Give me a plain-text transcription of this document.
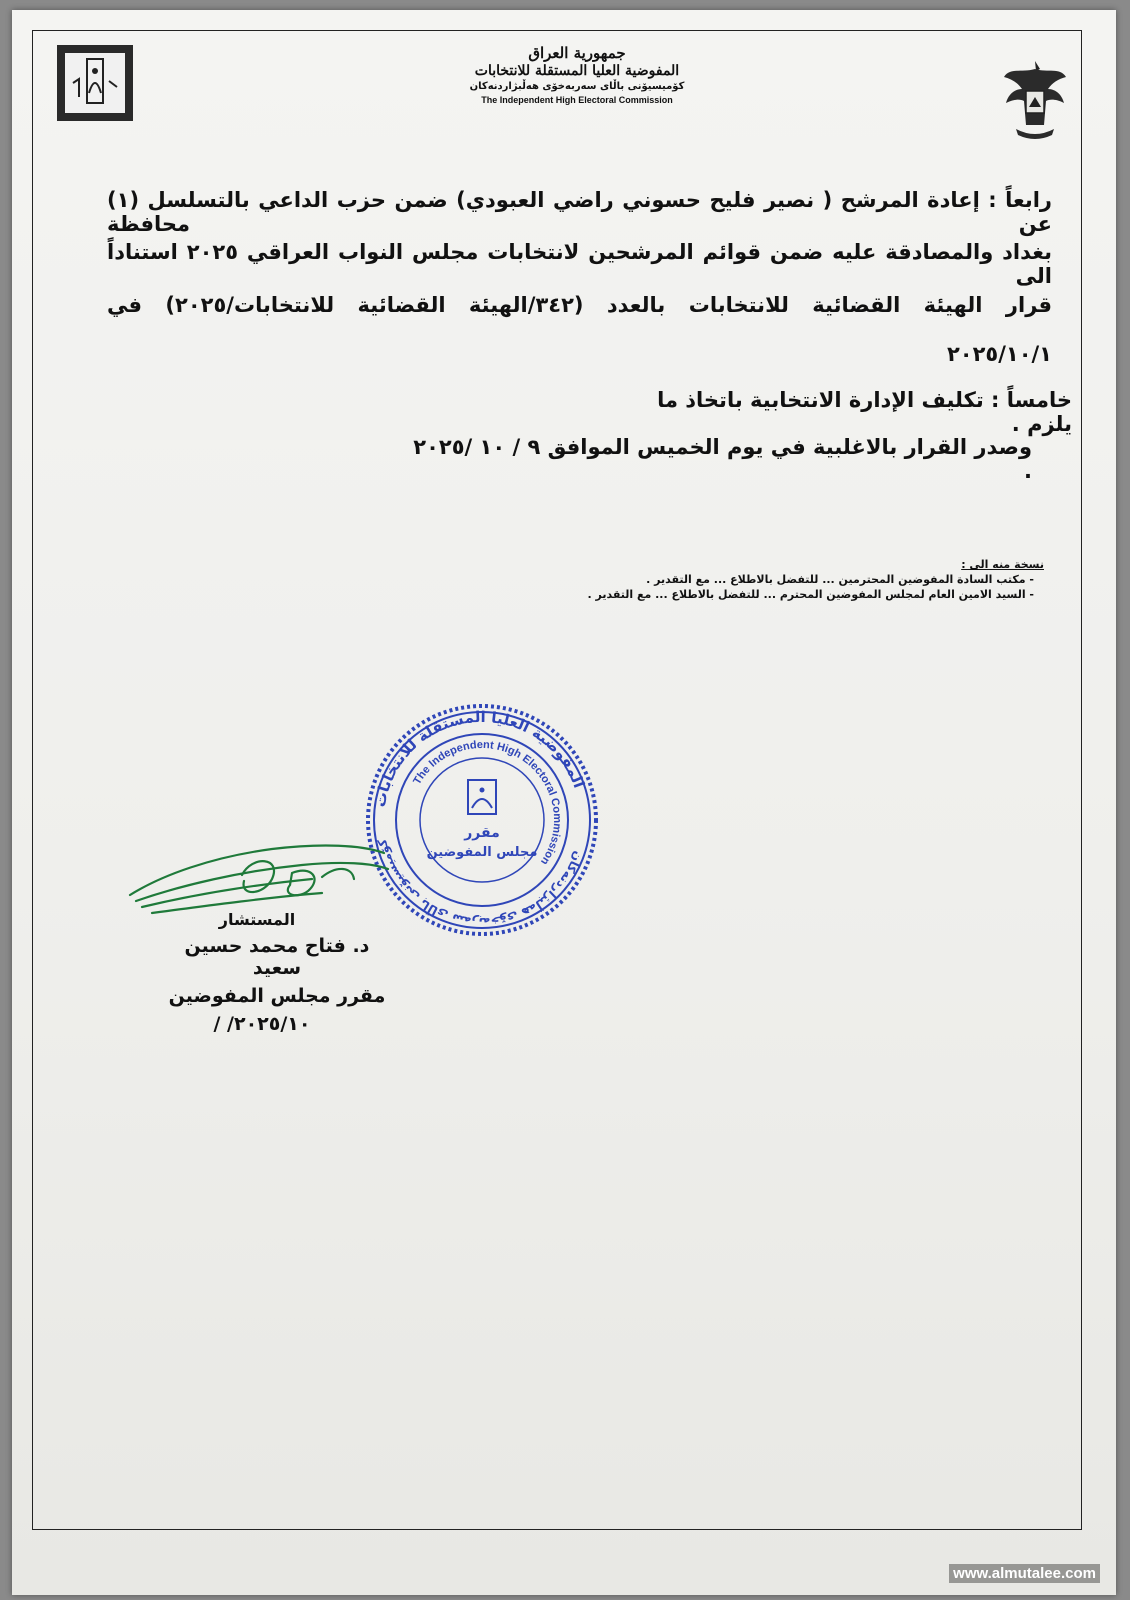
جمهورية العراق
المفوضية العليا المستقلة للانتخابات
كۆمیسیۆنی باڵای سەربەخۆی هەڵبژاردنەکان
The Independent High Electoral Commission
رابعاً : إعادة المرشح ( نصير فليح حسوني راضي العبودي) ضمن حزب الداعي بالتسلسل (١) عن محافظة
بغداد والمصادقة عليه ضمن قوائم المرشحين لانتخابات مجلس النواب العراقي ٢٠٢٥ استناداً الى
قرار الهيئة القضائية للانتخابات بالعدد (٣٤٢/الهيئة القضائية للانتخابات/٢٠٢٥) في
٢٠٢٥/١٠/١
خامساً : تكليف الإدارة الانتخابية باتخاذ ما يلزم .
وصدر القرار بالاغلبية في يوم الخميس الموافق ٩ / ١٠ /٢٠٢٥ .
نسخة منه الى :
- مكتب السادة المفوضين المحترمين ... للتفضل بالاطلاع ... مع التقدير .
- السيد الامين العام لمجلس المفوضين المحترم ... للتفضل بالاطلاع ... مع التقدير .
المفوضية العليا المستقلة للانتخابات
كۆمیسیۆنی باڵای سەربەخۆی هەڵبژاردنەکان
The Independent High Electoral Commission
مقرر
مجلس المفوضين
المستشار
د. فتاح محمد حسين سعيد
مقرر مجلس المفوضين
٢٠٢٥/١٠/ /
www.almutalee.com
